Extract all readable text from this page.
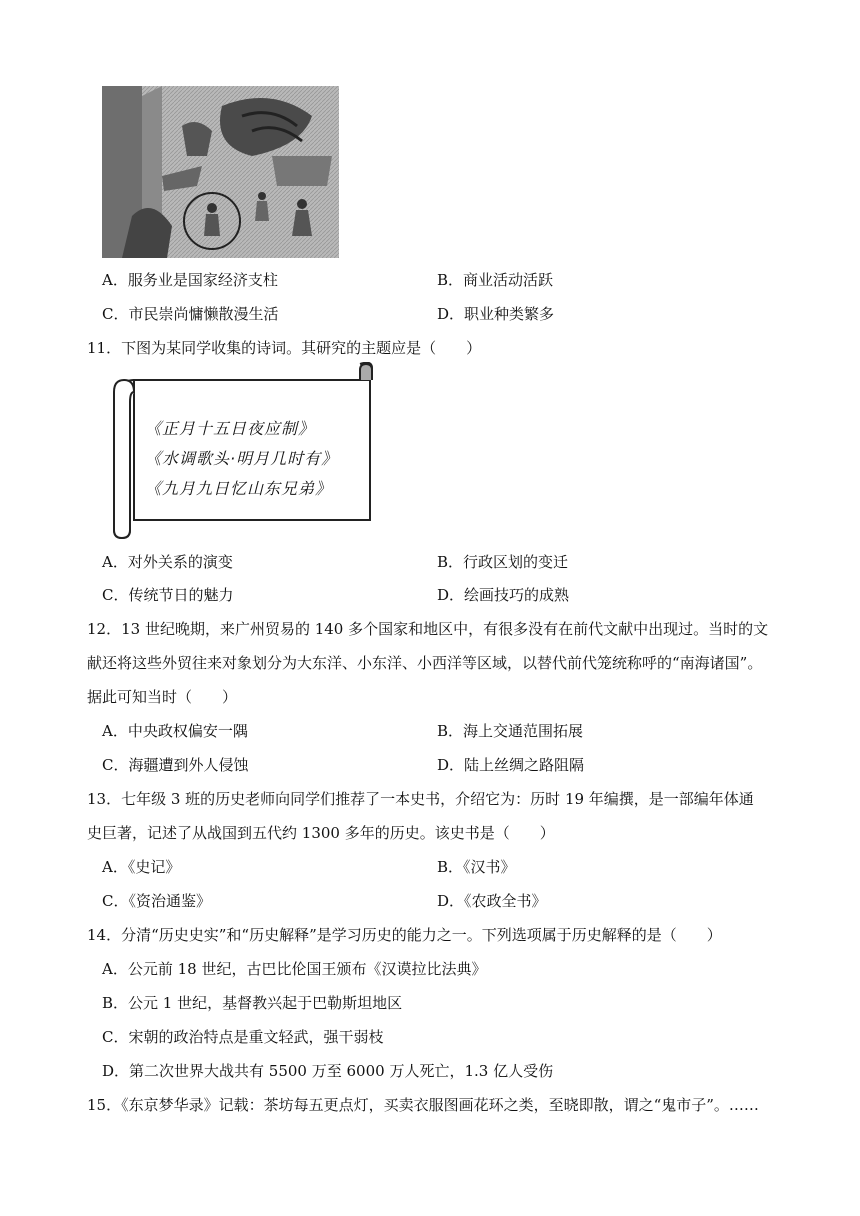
A．服务业是国家经济支柱	B．商业活动活跃
C．市民崇尚慵懒散漫生活	D．职业种类繁多
11．下图为某同学收集的诗词。其研究的主题应是（　　）
《正月十五日夜应制》
《水调歌头·明月几时有》
《九月九日忆山东兄弟》
A．对外关系的演变	B．行政区划的变迁
C．传统节日的魅力	D．绘画技巧的成熟
12．13 世纪晚期，来广州贸易的 140 多个国家和地区中，有很多没有在前代文献中出现过。当时的文
献还将这些外贸往来对象划分为大东洋、小东洋、小西洋等区域，以替代前代笼统称呼的“南海诸国”。
据此可知当时（　　）
A．中央政权偏安一隅	B．海上交通范围拓展
C．海疆遭到外人侵蚀	D．陆上丝绸之路阻隔
13．七年级 3 班的历史老师向同学们推荐了一本史书，介绍它为：历时 19 年编撰，是一部编年体通
史巨著，记述了从战国到五代约 1300 多年的历史。该史书是（　　）
A．《史记》	B．《汉书》
C．《资治通鉴》	D．《农政全书》
14．分清“历史史实”和“历史解释”是学习历史的能力之一。下列选项属于历史解释的是（　　）
A．公元前 18 世纪，古巴比伦国王颁布《汉谟拉比法典》
B．公元 1 世纪，基督教兴起于巴勒斯坦地区
C．宋朝的政治特点是重文轻武，强干弱枝
D．第二次世界大战共有 5500 万至 6000 万人死亡，1.3 亿人受伤
15．《东京梦华录》记载：茶坊每五更点灯，买卖衣服图画花环之类，至晓即散，谓之“鬼市子”。……
